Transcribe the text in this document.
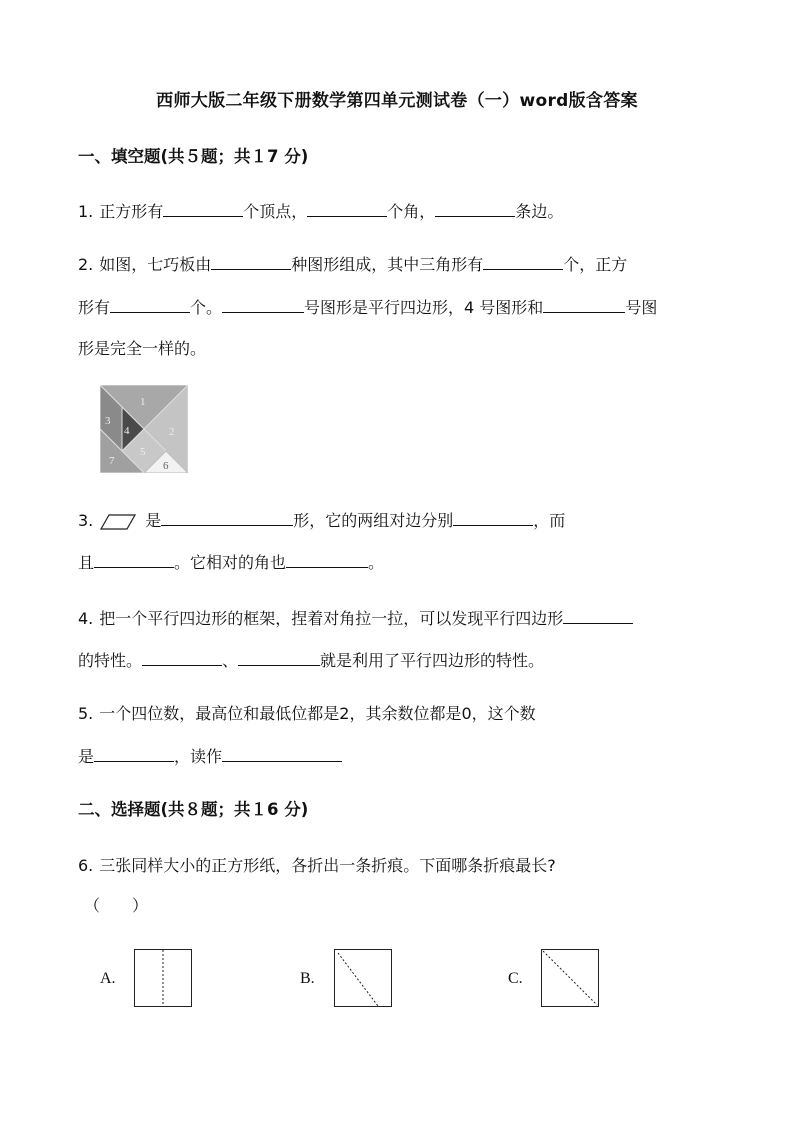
西师大版二年级下册数学第四单元测试卷（一）word版含答案
一、填空题(共５题；共１7 分)
1. 正方形有	个顶点，	个角，	条边。
2. 如图，七巧板由	种图形组成，其中三角形有	个，正方
形有	个。	号图形是平行四边形，4 号图形和	号图
形是完全一样的。
1
2
3
4
5
6
7
3.	是	形，它的两组对边分别	，而
且	。它相对的角也	。
4. 把一个平行四边形的框架，捏着对角拉一拉，可以发现平行四边形
的特性。	、	就是利用了平行四边形的特性。
5. 一个四位数，最高位和最低位都是2，其余数位都是0，这个数
是	，读作
二、选择题(共８题；共１6 分)
6. 三张同样大小的正方形纸，各折出一条折痕。下面哪条折痕最长?
（　　）
A.	B.	C.
